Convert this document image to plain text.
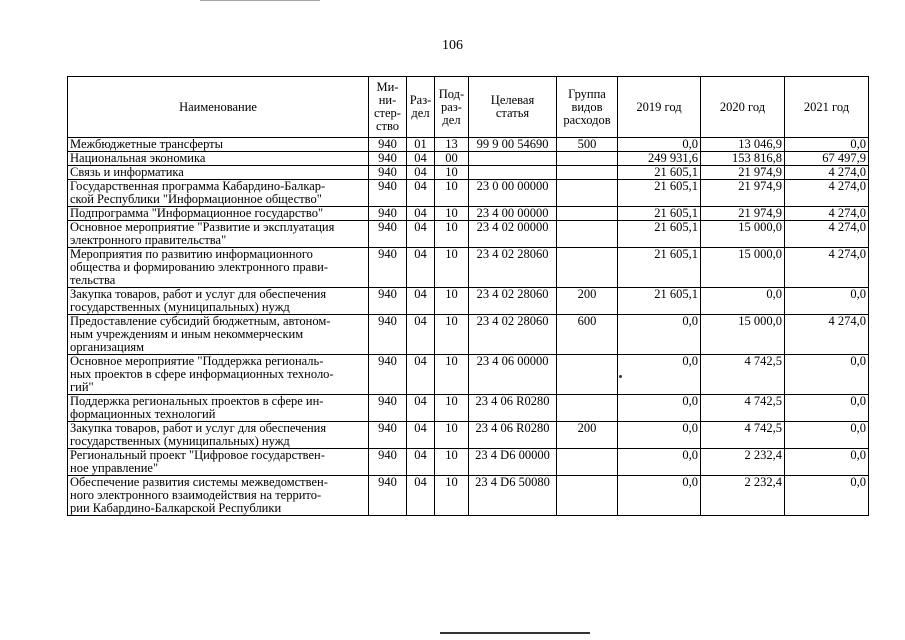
106
Наименование	Ми-
ни-
стер-
ство	Раз-
дел	Под-
раз-
дел	Целевая
статья	Группа
видов
расходов	2019 год	2020 год	2021 год
Межбюджетные трансферты	940	01	13	99 9 00 54690	500	0,0	13 046,9	0,0
Национальная экономика	940	04	00			249 931,6	153 816,8	67 497,9
Связь и информатика	940	04	10			21 605,1	21 974,9	4 274,0
Государственная программа Кабардино-Балкар-
ской Республики "Информационное общество"	940	04	10	23 0 00 00000		21 605,1	21 974,9	4 274,0
Подпрограмма "Информационное государство"	940	04	10	23 4 00 00000		21 605,1	21 974,9	4 274,0
Основное мероприятие "Развитие и эксплуатация
электронного правительства"	940	04	10	23 4 02 00000		21 605,1	15 000,0	4 274,0
Мероприятия по развитию информационного
общества и формированию электронного прави-
тельства	940	04	10	23 4 02 28060		21 605,1	15 000,0	4 274,0
Закупка товаров, работ и услуг для обеспечения
государственных (муниципальных) нужд	940	04	10	23 4 02 28060	200	21 605,1	0,0	0,0
Предоставление субсидий бюджетным, автоном-
ным учреждениям и иным некоммерческим
организациям	940	04	10	23 4 02 28060	600	0,0	15 000,0	4 274,0
Основное мероприятие "Поддержка региональ-
ных проектов в сфере информационных техноло-
гий"	940	04	10	23 4 06 00000		0,0	4 742,5	0,0
Поддержка региональных проектов в сфере ин-
формационных технологий	940	04	10	23 4 06 R0280		0,0	4 742,5	0,0
Закупка товаров, работ и услуг для обеспечения
государственных (муниципальных) нужд	940	04	10	23 4 06 R0280	200	0,0	4 742,5	0,0
Региональный проект "Цифровое государствен-
ное управление"	940	04	10	23 4 D6 00000		0,0	2 232,4	0,0
Обеспечение развития системы межведомствен-
ного электронного взаимодействия на террито-
рии Кабардино-Балкарской Республики	940	04	10	23 4 D6 50080		0,0	2 232,4	0,0
